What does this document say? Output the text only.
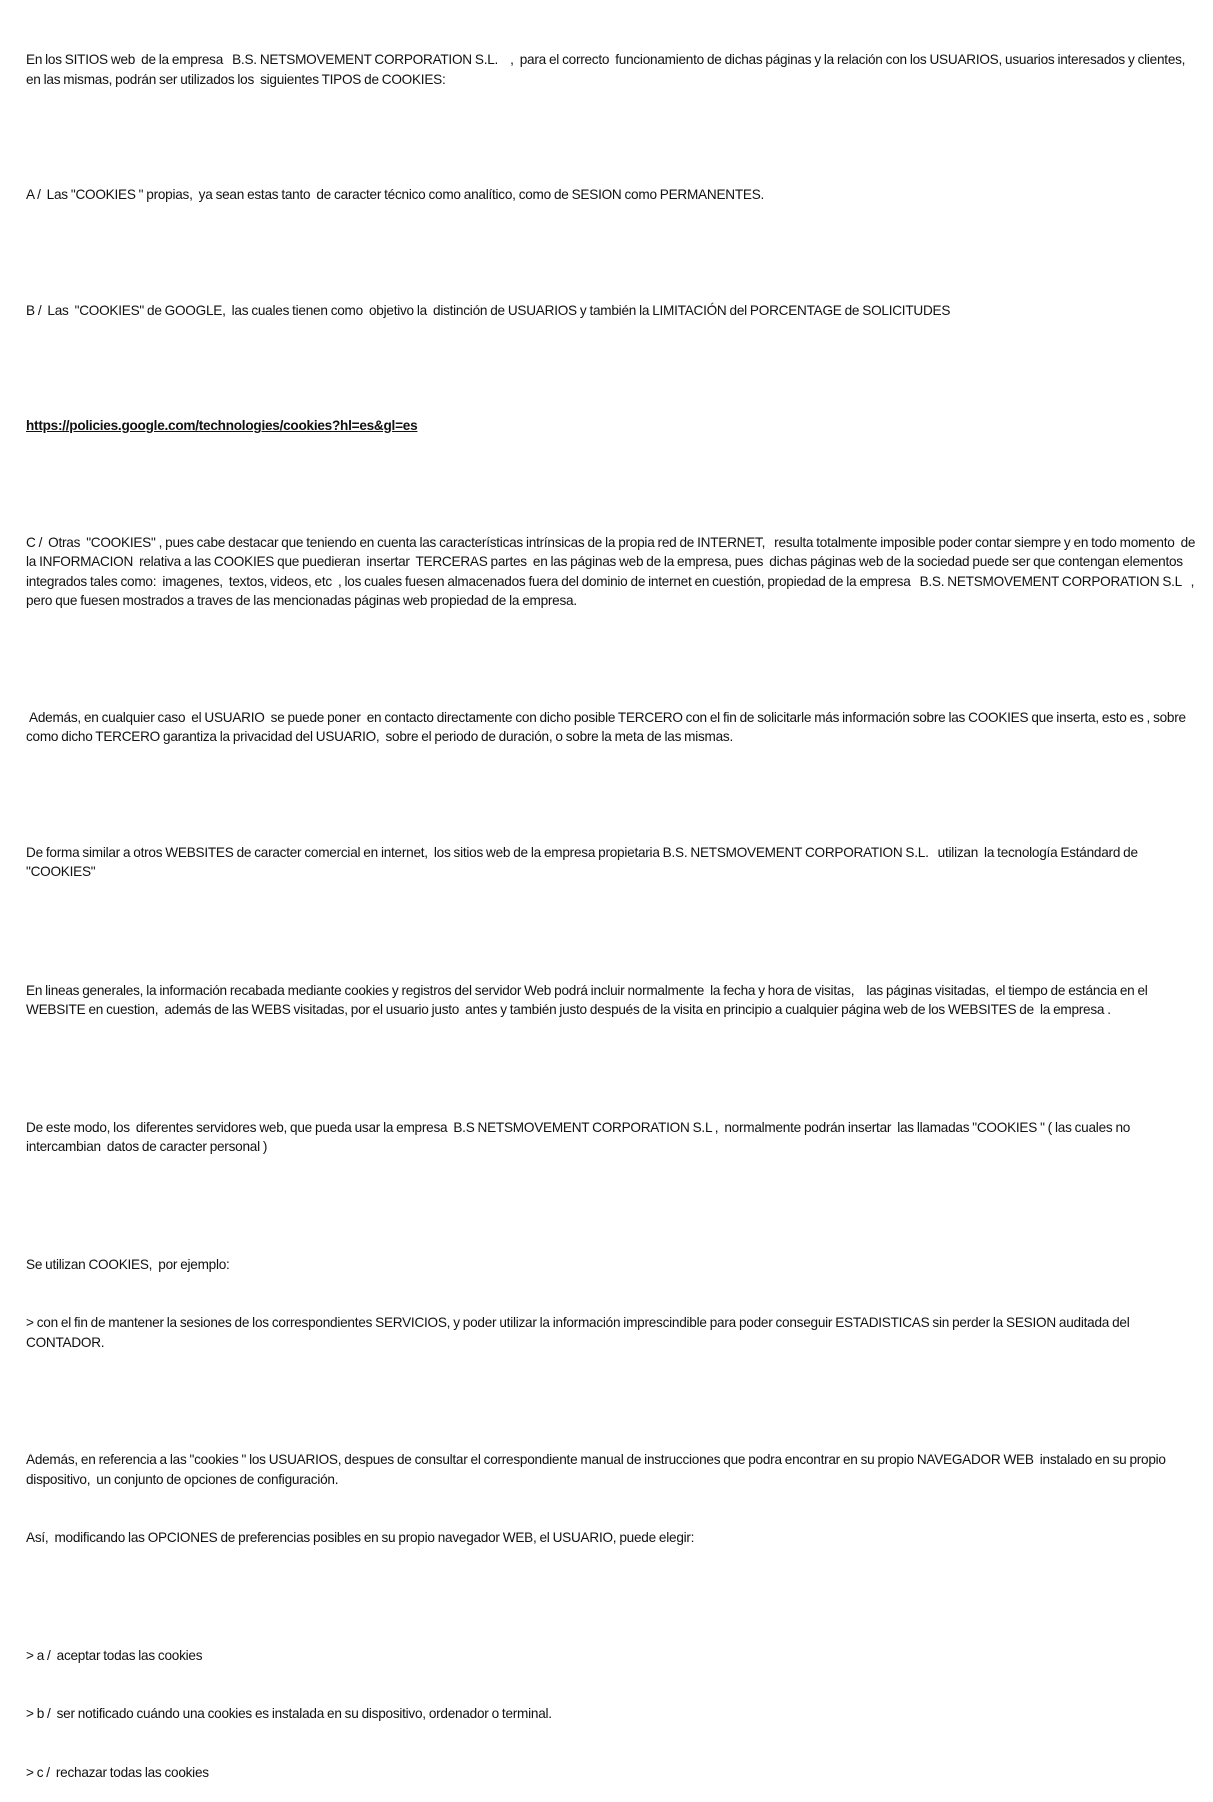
En los SITIOS web  de la empresa   B.S. NETSMOVEMENT CORPORATION S.L.    ,  para el correcto  funcionamiento de dichas páginas y la relación con los USUARIOS, usuarios interesados y clientes,  en las mismas, podrán ser utilizados los  siguientes TIPOS de COOKIES:

A /  Las "COOKIES " propias,  ya sean estas tanto  de caracter técnico como analítico, como de SESION como PERMANENTES.

B /  Las  "COOKIES" de GOOGLE,  las cuales tienen como  objetivo la  distinción de USUARIOS y también la LIMITACIÓN del PORCENTAGE de SOLICITUDES

https://policies.google.com/technologies/cookies?hl=es&gl=es

C /  Otras  "COOKIES" , pues cabe destacar que teniendo en cuenta las características intrínsicas de la propia red de INTERNET,   resulta totalmente imposible poder contar siempre y en todo momento  de la INFORMACION  relativa a las COOKIES que puedieran  insertar  TERCERAS partes  en las páginas web de la empresa, pues  dichas páginas web de la sociedad puede ser que contengan elementos integrados tales como:  imagenes,  textos, videos, etc  , los cuales fuesen almacenados fuera del dominio de internet en cuestión, propiedad de la empresa   B.S. NETSMOVEMENT CORPORATION S.L   , pero que fuesen mostrados a traves de las mencionadas páginas web propiedad de la empresa.

Además, en cualquier caso  el USUARIO  se puede poner  en contacto directamente con dicho posible TERCERO con el fin de solicitarle más información sobre las COOKIES que inserta, esto es , sobre como dicho TERCERO garantiza la privacidad del USUARIO,  sobre el periodo de duración, o sobre la meta de las mismas.

De forma similar a otros WEBSITES de caracter comercial en internet,  los sitios web de la empresa propietaria B.S. NETSMOVEMENT CORPORATION S.L.   utilizan  la tecnología Estándard de "COOKIES"

En lineas generales, la información recabada mediante cookies y registros del servidor Web podrá incluir normalmente  la fecha y hora de visitas,    las páginas visitadas,  el tiempo de estáncia en el WEBSITE en cuestion,  además de las WEBS visitadas, por el usuario justo  antes y también justo después de la visita en principio a cualquier página web de los WEBSITES de  la empresa .

De este modo, los  diferentes servidores web, que pueda usar la empresa  B.S NETSMOVEMENT CORPORATION S.L ,  normalmente podrán insertar  las llamadas "COOKIES " ( las cuales no intercambian  datos de caracter personal )

Se utilizan COOKIES,  por ejemplo:

> con el fin de mantener la sesiones de los correspondientes SERVICIOS, y poder utilizar la información imprescindible para poder conseguir ESTADISTICAS sin perder la SESION auditada del CONTADOR.

Además, en referencia a las "cookies " los USUARIOS, despues de consultar el correspondiente manual de instrucciones que podra encontrar en su propio NAVEGADOR WEB  instalado en su propio dispositivo,  un conjunto de opciones de configuración.

Así,  modificando las OPCIONES de preferencias posibles en su propio navegador WEB, el USUARIO, puede elegir:

> a /  aceptar todas las cookies

> b /  ser notificado cuándo una cookies es instalada en su dispositivo, ordenador o terminal.

> c /  rechazar todas las cookies
